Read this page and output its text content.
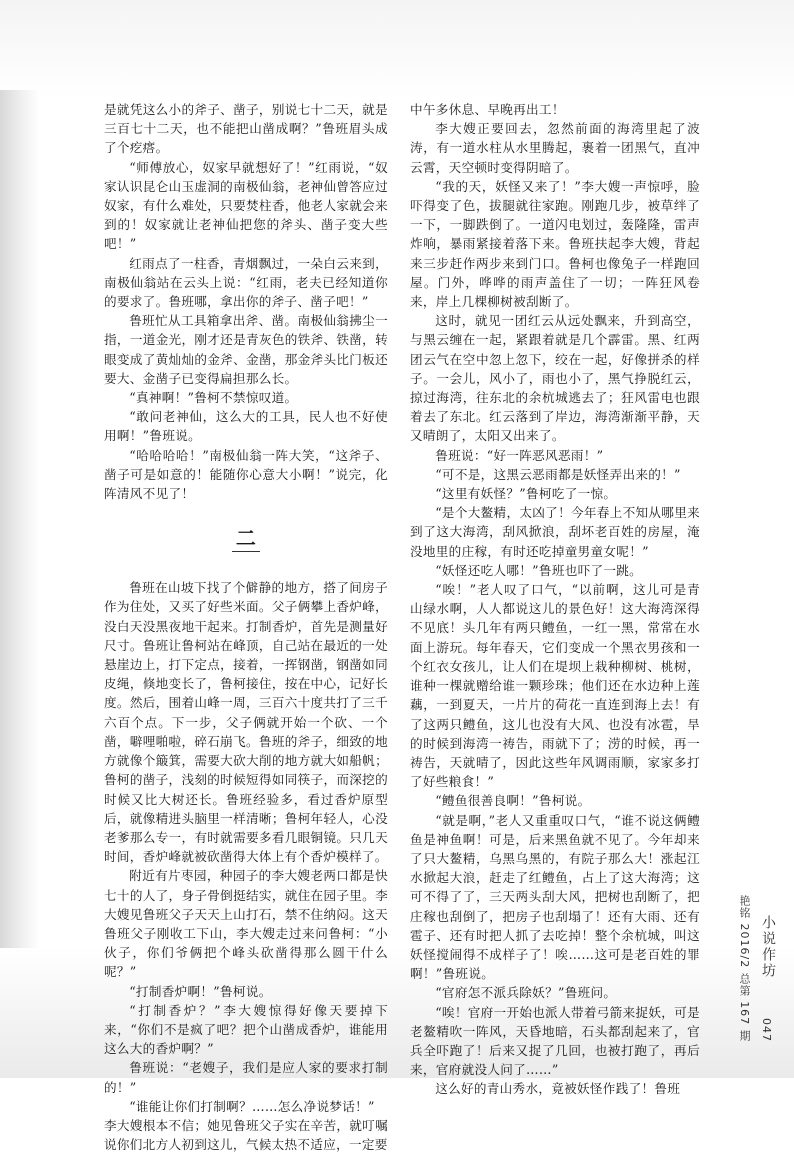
是就凭这么小的斧子、凿子，别说七十二天，就是三百七十二天，也不能把山凿成啊？”鲁班眉头成了个疙瘩。

“师傅放心，奴家早就想好了！”红雨说，“奴家认识昆仑山玉虚洞的南极仙翁，老神仙曾答应过奴家，有什么难处，只要焚柱香，他老人家就会来到的！奴家就让老神仙把您的斧头、凿子变大些吧！”

红雨点了一柱香，青烟飘过，一朵白云来到，南极仙翁站在云头上说：“红雨，老夫已经知道你的要求了。鲁班哪，拿出你的斧子、凿子吧！”

鲁班忙从工具箱拿出斧、凿。南极仙翁拂尘一指，一道金光，刚才还是青灰色的铁斧、铁凿，转眼变成了黄灿灿的金斧、金凿，那金斧头比门板还要大、金凿子已变得扁担那么长。

“真神啊！”鲁柯不禁惊叹道。

“敢问老神仙，这么大的工具，民人也不好使用啊！”鲁班说。

“哈哈哈哈！”南极仙翁一阵大笑，“这斧子、凿子可是如意的！能随你心意大小啊！”说完，化阵清风不见了！

二

鲁班在山坡下找了个僻静的地方，搭了间房子作为住处，又买了好些米面。父子俩攀上香炉峰，没白天没黑夜地干起来。打制香炉，首先是测量好尺寸。鲁班让鲁柯站在峰顶，自己站在最近的一处悬崖边上，打下定点，接着，一挥钢凿，钢凿如同皮绳，倏地变长了，鲁柯接住，按在中心，记好长度。然后，围着山峰一周，三百六十度共打了三千六百个点。下一步，父子俩就开始一个砍、一个凿，噼哩啪啦，碎石崩飞。鲁班的斧子，细致的地方就像个簸箕，需要大砍大削的地方就大如船帆；鲁柯的凿子，浅刻的时候短得如同筷子，而深挖的时候又比大树还长。鲁班经验多，看过香炉原型后，就像精进头脑里一样清晰；鲁柯年轻人，心没老爹那么专一，有时就需要多看几眼铜镜。只几天时间，香炉峰就被砍凿得大体上有个香炉模样了。

附近有片枣园，种园子的李大嫂老两口都是快七十的人了，身子骨倒挺结实，就住在园子里。李大嫂见鲁班父子天天上山打石，禁不住纳闷。这天鲁班父子刚收工下山，李大嫂走过来问鲁柯：“小伙子，你们爷俩把个峰头砍凿得那么圆干什么呢？”

“打制香炉啊！”鲁柯说。

“打制香炉？”李大嫂惊得好像天要掉下来，“你们不是疯了吧？把个山凿成香炉，谁能用这么大的香炉啊？”

鲁班说：“老嫂子，我们是应人家的要求打制的！”

“谁能让你们打制啊？……怎么净说梦话！”

李大嫂根本不信；她见鲁班父子实在辛苦，就叮嘱说你们北方人初到这儿，气候太热不适应，一定要

中午多休息、早晚再出工！

李大嫂正要回去，忽然前面的海湾里起了波涛，有一道水柱从水里腾起，裹着一团黑气，直冲云霄，天空顿时变得阴暗了。

“我的天，妖怪又来了！”李大嫂一声惊呼，脸吓得变了色，拔腿就往家跑。刚跑几步，被草绊了一下，一脚跌倒了。一道闪电划过，轰隆隆，雷声炸响，暴雨紧接着落下来。鲁班扶起李大嫂，背起来三步赶作两步来到门口。鲁柯也像兔子一样跑回屋。门外，哗哗的雨声盖住了一切；一阵狂风卷来，岸上几棵柳树被刮断了。

这时，就见一团红云从远处飘来，升到高空，与黑云缠在一起，紧跟着就是几个霹雷。黑、红两团云气在空中忽上忽下，绞在一起，好像拼杀的样子。一会儿，风小了，雨也小了，黑气挣脱红云，掠过海湾，往东北的余杭城逃去了；狂风雷电也跟着去了东北。红云落到了岸边，海湾渐渐平静，天又晴朗了，太阳又出来了。

鲁班说：“好一阵恶风恶雨！”

“可不是，这黑云恶雨都是妖怪弄出来的！”

“这里有妖怪？”鲁柯吃了一惊。

“是个大鳌精，太凶了！今年春上不知从哪里来到了这大海湾，刮风掀浪，刮坏老百姓的房屋，淹没地里的庄稼，有时还吃掉童男童女呢！”

“妖怪还吃人哪！”鲁班也吓了一跳。

“唉！”老人叹了口气，“以前啊，这儿可是青山绿水啊，人人都说这儿的景色好！这大海湾深得不见底！头几年有两只鳢鱼，一红一黑，常常在水面上游玩。每年春天，它们变成一个黑衣男孩和一个红衣女孩儿，让人们在堤坝上栽种柳树、桃树，谁种一棵就赠给谁一颗珍珠；他们还在水边种上莲藕，一到夏天，一片片的荷花一直连到海上去！有了这两只鳢鱼，这儿也没有大风、也没有冰雹，旱的时候到海湾一祷告，雨就下了；涝的时候，再一祷告，天就晴了，因此这些年风调雨顺，家家多打了好些粮食！”

“鳢鱼很善良啊！”鲁柯说。

“就是啊，”老人又重重叹口气，“谁不说这俩鳢鱼是神鱼啊！可是，后来黑鱼就不见了。今年却来了只大鳌精，乌黑乌黑的，有院子那么大！涨起江水掀起大浪，赶走了红鳢鱼，占上了这大海湾；这可不得了了，三天两头刮大风，把树也刮断了，把庄稼也刮倒了，把房子也刮塌了！还有大雨、还有雹子、还有时把人抓了去吃掉！整个余杭城，叫这妖怪搅闹得不成样子了！唉……这可是老百姓的罪啊！”鲁班说。

“官府怎不派兵除妖？”鲁班问。

“唉！官府一开始也派人带着弓箭来捉妖，可是老鳌精吹一阵风，天昏地暗，石头都刮起来了，官兵全吓跑了！后来又捉了几回，也被打跑了，再后来，官府就没人问了……”

这么好的青山秀水，竟被妖怪作践了！鲁班

艳铭 2016/2 总第 167 期 小说作坊
047
